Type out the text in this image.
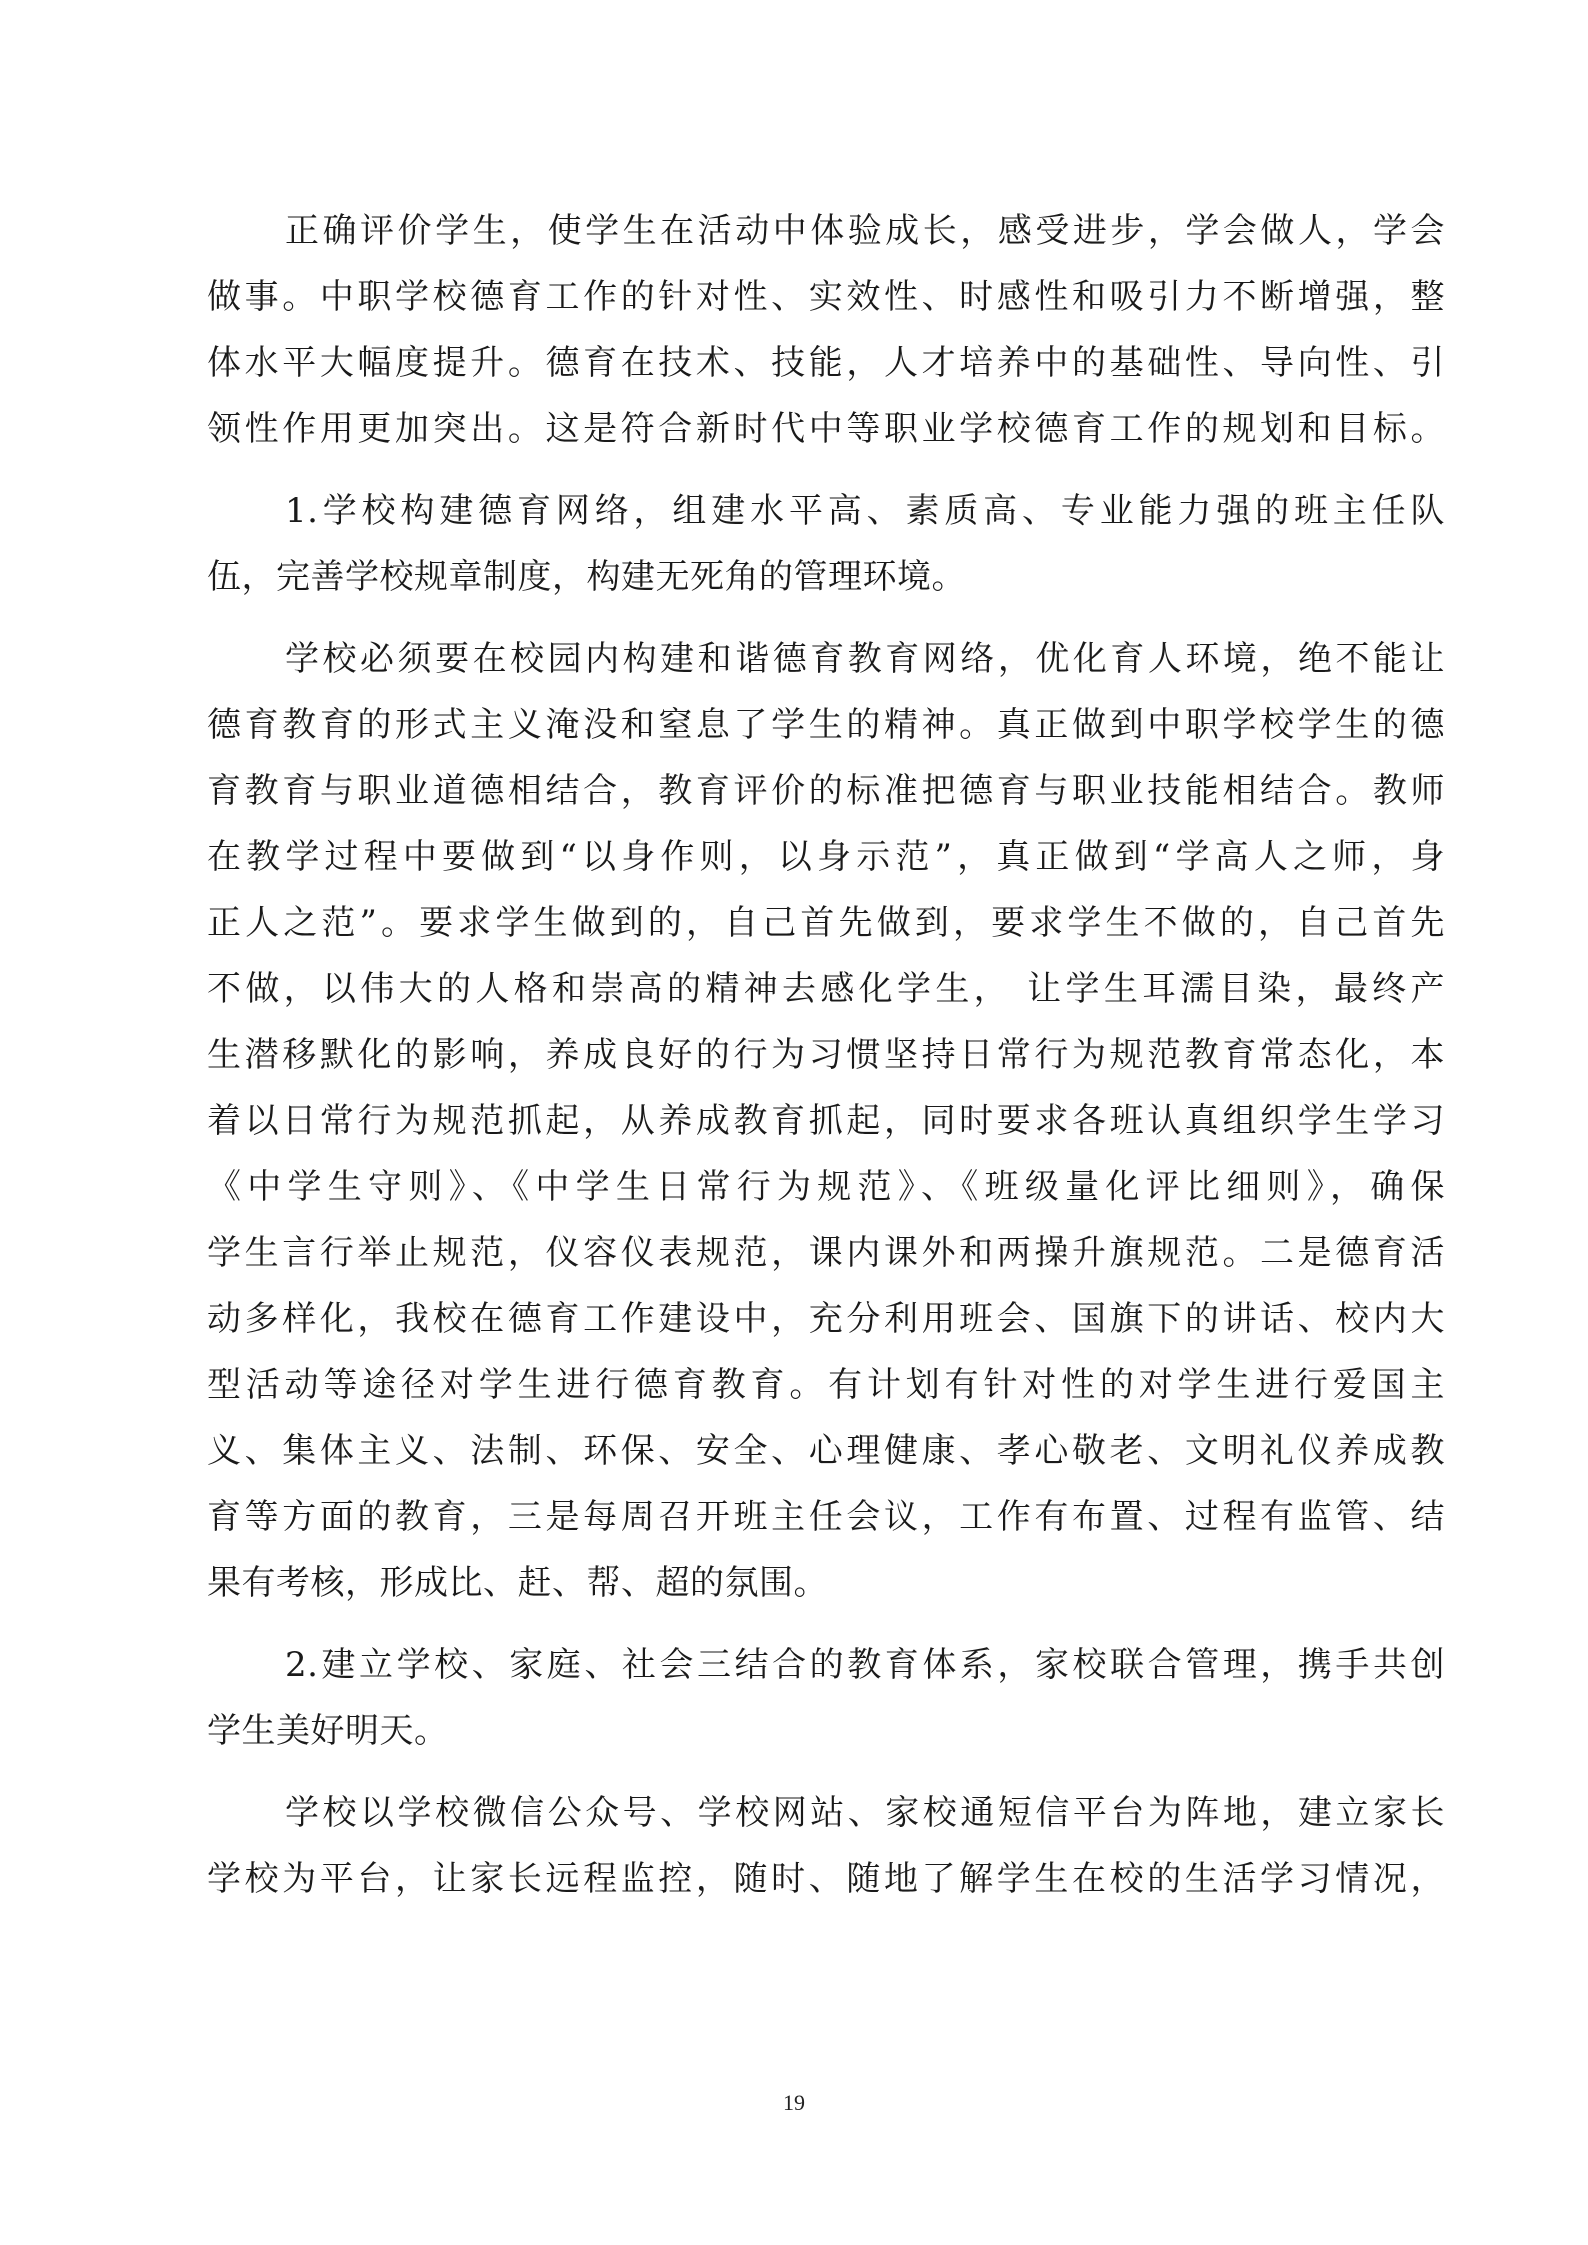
正确评价学生，使学生在活动中体验成长，感受进步，学会做人，学会
做事。中职学校德育工作的针对性、实效性、时感性和吸引力不断增强，整
体水平大幅度提升。德育在技术、技能，人才培养中的基础性、导向性、引
领性作用更加突出。这是符合新时代中等职业学校德育工作的规划和目标。
1.学校构建德育网络，组建水平高、素质高、专业能力强的班主任队
伍，完善学校规章制度，构建无死角的管理环境。
学校必须要在校园内构建和谐德育教育网络，优化育人环境，绝不能让
德育教育的形式主义淹没和窒息了学生的精神。真正做到中职学校学生的德
育教育与职业道德相结合，教育评价的标准把德育与职业技能相结合。教师
在教学过程中要做到“以身作则，以身示范”，真正做到“学高人之师，身
正人之范”。要求学生做到的，自己首先做到，要求学生不做的，自己首先
不做，以伟大的人格和崇高的精神去感化学生， 让学生耳濡目染，最终产
生潜移默化的影响，养成良好的行为习惯坚持日常行为规范教育常态化，本
着以日常行为规范抓起，从养成教育抓起，同时要求各班认真组织学生学习
《中学生守则》、《中学生日常行为规范》、《班级量化评比细则》，确保
学生言行举止规范，仪容仪表规范，课内课外和两操升旗规范。二是德育活
动多样化，我校在德育工作建设中，充分利用班会、国旗下的讲话、校内大
型活动等途径对学生进行德育教育。有计划有针对性的对学生进行爱国主
义、集体主义、法制、环保、安全、心理健康、孝心敬老、文明礼仪养成教
育等方面的教育，三是每周召开班主任会议，工作有布置、过程有监管、结
果有考核，形成比、赶、帮、超的氛围。
2.建立学校、家庭、社会三结合的教育体系，家校联合管理，携手共创
学生美好明天。
学校以学校微信公众号、学校网站、家校通短信平台为阵地，建立家长
学校为平台，让家长远程监控，随时、随地了解学生在校的生活学习情况，
19
